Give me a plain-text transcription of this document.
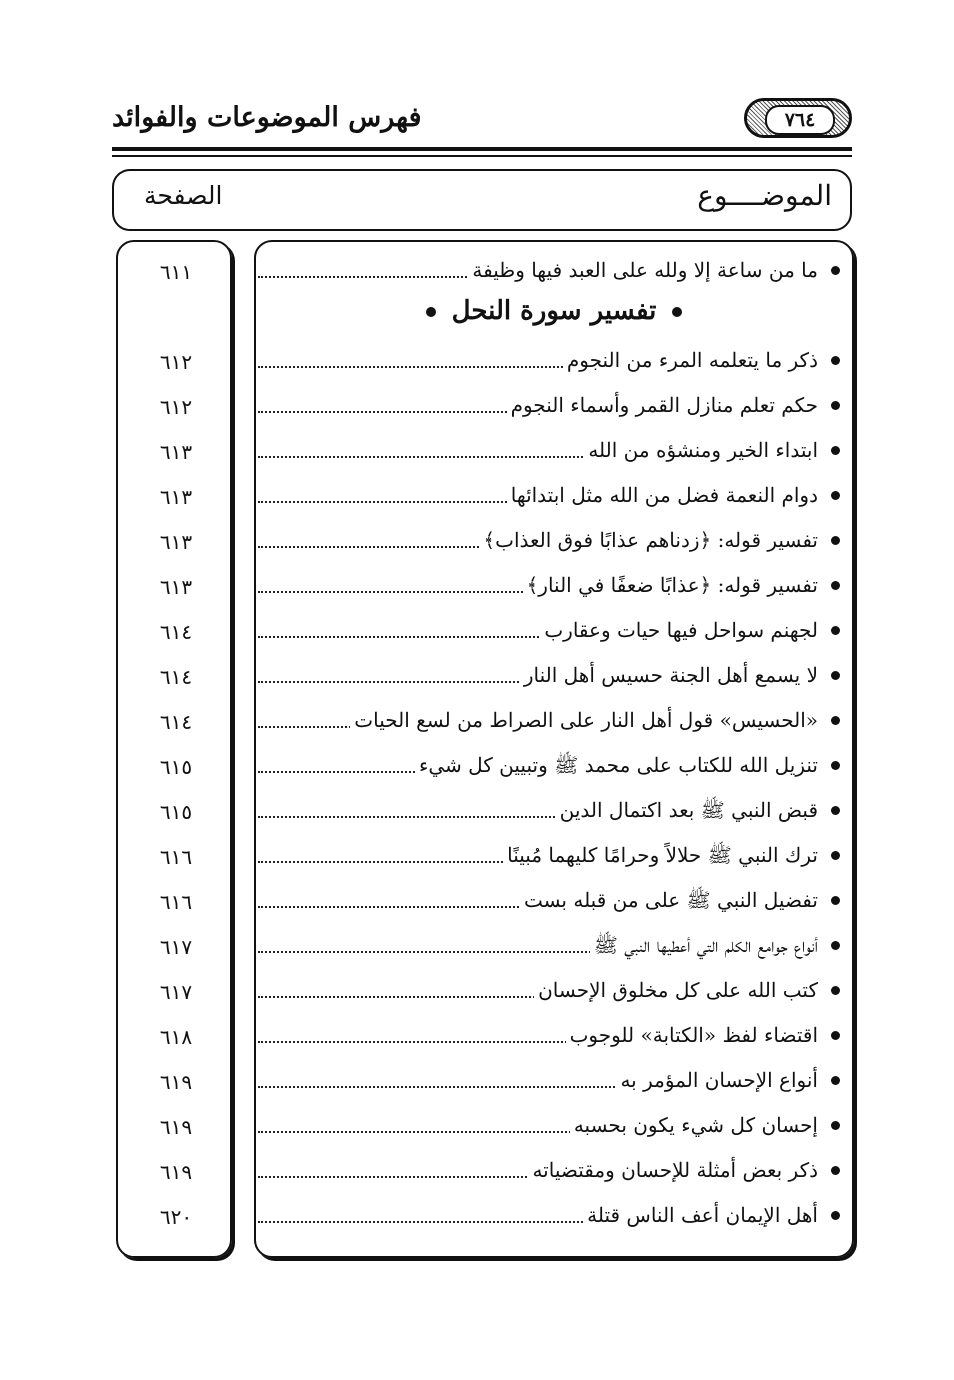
فهرس الموضوعات والفوائد	٧٦٤
الموضــــوع
الصفحة
٦١١
٦١٢
٦١٢
٦١٣
٦١٣
٦١٣
٦١٣
٦١٤
٦١٤
٦١٤
٦١٥
٦١٥
٦١٦
٦١٦
٦١٧
٦١٧
٦١٨
٦١٩
٦١٩
٦١٩
٦٢٠
ما من ساعة إلا ولله على العبد فيها وظيفة
ذكر ما يتعلمه المرء من النجوم
حكم تعلم منازل القمر وأسماء النجوم
ابتداء الخير ومنشؤه من الله
دوام النعمة فضل من الله مثل ابتدائها
تفسير قوله: ﴿زدناهم عذابًا فوق العذاب﴾
تفسير قوله: ﴿عذابًا ضعفًا في النار﴾
لجهنم سواحل فيها حيات وعقارب
لا يسمع أهل الجنة حسيس أهل النار
«الحسيس» قول أهل النار على الصراط من لسع الحيات
تنزيل الله للكتاب على محمد ﷺ وتبيين كل شيء
قبض النبي ﷺ بعد اكتمال الدين
ترك النبي ﷺ حلالاً وحرامًا كليهما مُبينًا
تفضيل النبي ﷺ على من قبله بست
أنواع جوامع الكلم التي أعطيها النبي ﷺ
كتب الله على كل مخلوق الإحسان
اقتضاء لفظ «الكتابة» للوجوب
أنواع الإحسان المؤمر به
إحسان كل شيء يكون بحسبه
ذكر بعض أمثلة للإحسان ومقتضياته
أهل الإيمان أعف الناس قتلة
تفسير سورة النحل
